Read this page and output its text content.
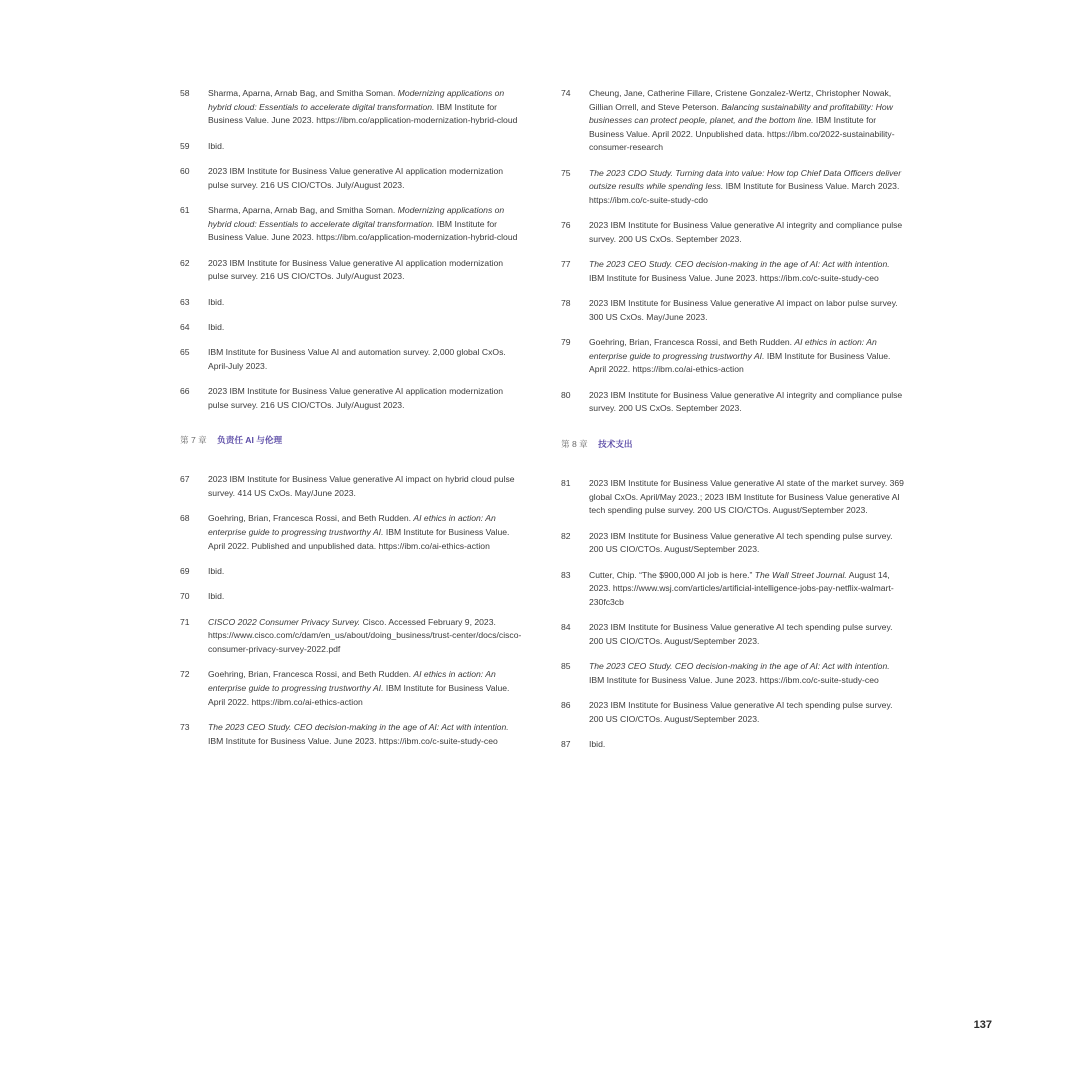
58	Sharma, Aparna, Arnab Bag, and Smitha Soman. Modernizing applications on hybrid cloud: Essentials to accelerate digital transformation. IBM Institute for Business Value. June 2023. https://ibm.co/application-modernization-hybrid-cloud
59	Ibid.
60	2023 IBM Institute for Business Value generative AI application modernization pulse survey. 216 US CIO/CTOs. July/August 2023.
61	Sharma, Aparna, Arnab Bag, and Smitha Soman. Modernizing applications on hybrid cloud: Essentials to accelerate digital transformation. IBM Institute for Business Value. June 2023. https://ibm.co/application-modernization-hybrid-cloud
62	2023 IBM Institute for Business Value generative AI application modernization pulse survey. 216 US CIO/CTOs. July/August 2023.
63	Ibid.
64	Ibid.
65	IBM Institute for Business Value AI and automation survey. 2,000 global CxOs. April-July 2023.
66	2023 IBM Institute for Business Value generative AI application modernization pulse survey. 216 US CIO/CTOs. July/August 2023.
第 7 章 负责任 AI 与伦理
67	2023 IBM Institute for Business Value generative AI impact on hybrid cloud pulse survey. 414 US CxOs. May/June 2023.
68	Goehring, Brian, Francesca Rossi, and Beth Rudden. AI ethics in action: An enterprise guide to progressing trustworthy AI. IBM Institute for Business Value. April 2022. Published and unpublished data. https://ibm.co/ai-ethics-action
69	Ibid.
70	Ibid.
71	CISCO 2022 Consumer Privacy Survey. Cisco. Accessed February 9, 2023. https://www.cisco.com/c/dam/en_us/about/doing_business/trust-center/docs/cisco-consumer-privacy-survey-2022.pdf
72	Goehring, Brian, Francesca Rossi, and Beth Rudden. AI ethics in action: An enterprise guide to progressing trustworthy AI. IBM Institute for Business Value. April 2022. https://ibm.co/ai-ethics-action
73	The 2023 CEO Study. CEO decision-making in the age of AI: Act with intention. IBM Institute for Business Value. June 2023. https://ibm.co/c-suite-study-ceo
74	Cheung, Jane, Catherine Fillare, Cristene Gonzalez-Wertz, Christopher Nowak, Gillian Orrell, and Steve Peterson. Balancing sustainability and profitability: How businesses can protect people, planet, and the bottom line. IBM Institute for Business Value. April 2022. Unpublished data. https://ibm.co/2022-sustainability-consumer-research
75	The 2023 CDO Study. Turning data into value: How top Chief Data Officers deliver outsize results while spending less. IBM Institute for Business Value. March 2023. https://ibm.co/c-suite-study-cdo
76	2023 IBM Institute for Business Value generative AI integrity and compliance pulse survey. 200 US CxOs. September 2023.
77	The 2023 CEO Study. CEO decision-making in the age of AI: Act with intention. IBM Institute for Business Value. June 2023. https://ibm.co/c-suite-study-ceo
78	2023 IBM Institute for Business Value generative AI impact on labor pulse survey. 300 US CxOs. May/June 2023.
79	Goehring, Brian, Francesca Rossi, and Beth Rudden. AI ethics in action: An enterprise guide to progressing trustworthy AI. IBM Institute for Business Value. April 2022. https://ibm.co/ai-ethics-action
80	2023 IBM Institute for Business Value generative AI integrity and compliance pulse survey. 200 US CxOs. September 2023.
第 8 章 技术支出
81	2023 IBM Institute for Business Value generative AI state of the market survey. 369 global CxOs. April/May 2023.; 2023 IBM Institute for Business Value generative AI tech spending pulse survey. 200 US CIO/CTOs. August/September 2023.
82	2023 IBM Institute for Business Value generative AI tech spending pulse survey. 200 US CIO/CTOs. August/September 2023.
83	Cutter, Chip. “The $900,000 AI job is here.” The Wall Street Journal. August 14, 2023. https://www.wsj.com/articles/artificial-intelligence-jobs-pay-netflix-walmart-230fc3cb
84	2023 IBM Institute for Business Value generative AI tech spending pulse survey. 200 US CIO/CTOs. August/September 2023.
85	The 2023 CEO Study. CEO decision-making in the age of AI: Act with intention. IBM Institute for Business Value. June 2023. https://ibm.co/c-suite-study-ceo
86	2023 IBM Institute for Business Value generative AI tech spending pulse survey. 200 US CIO/CTOs. August/September 2023.
87	Ibid.
137
